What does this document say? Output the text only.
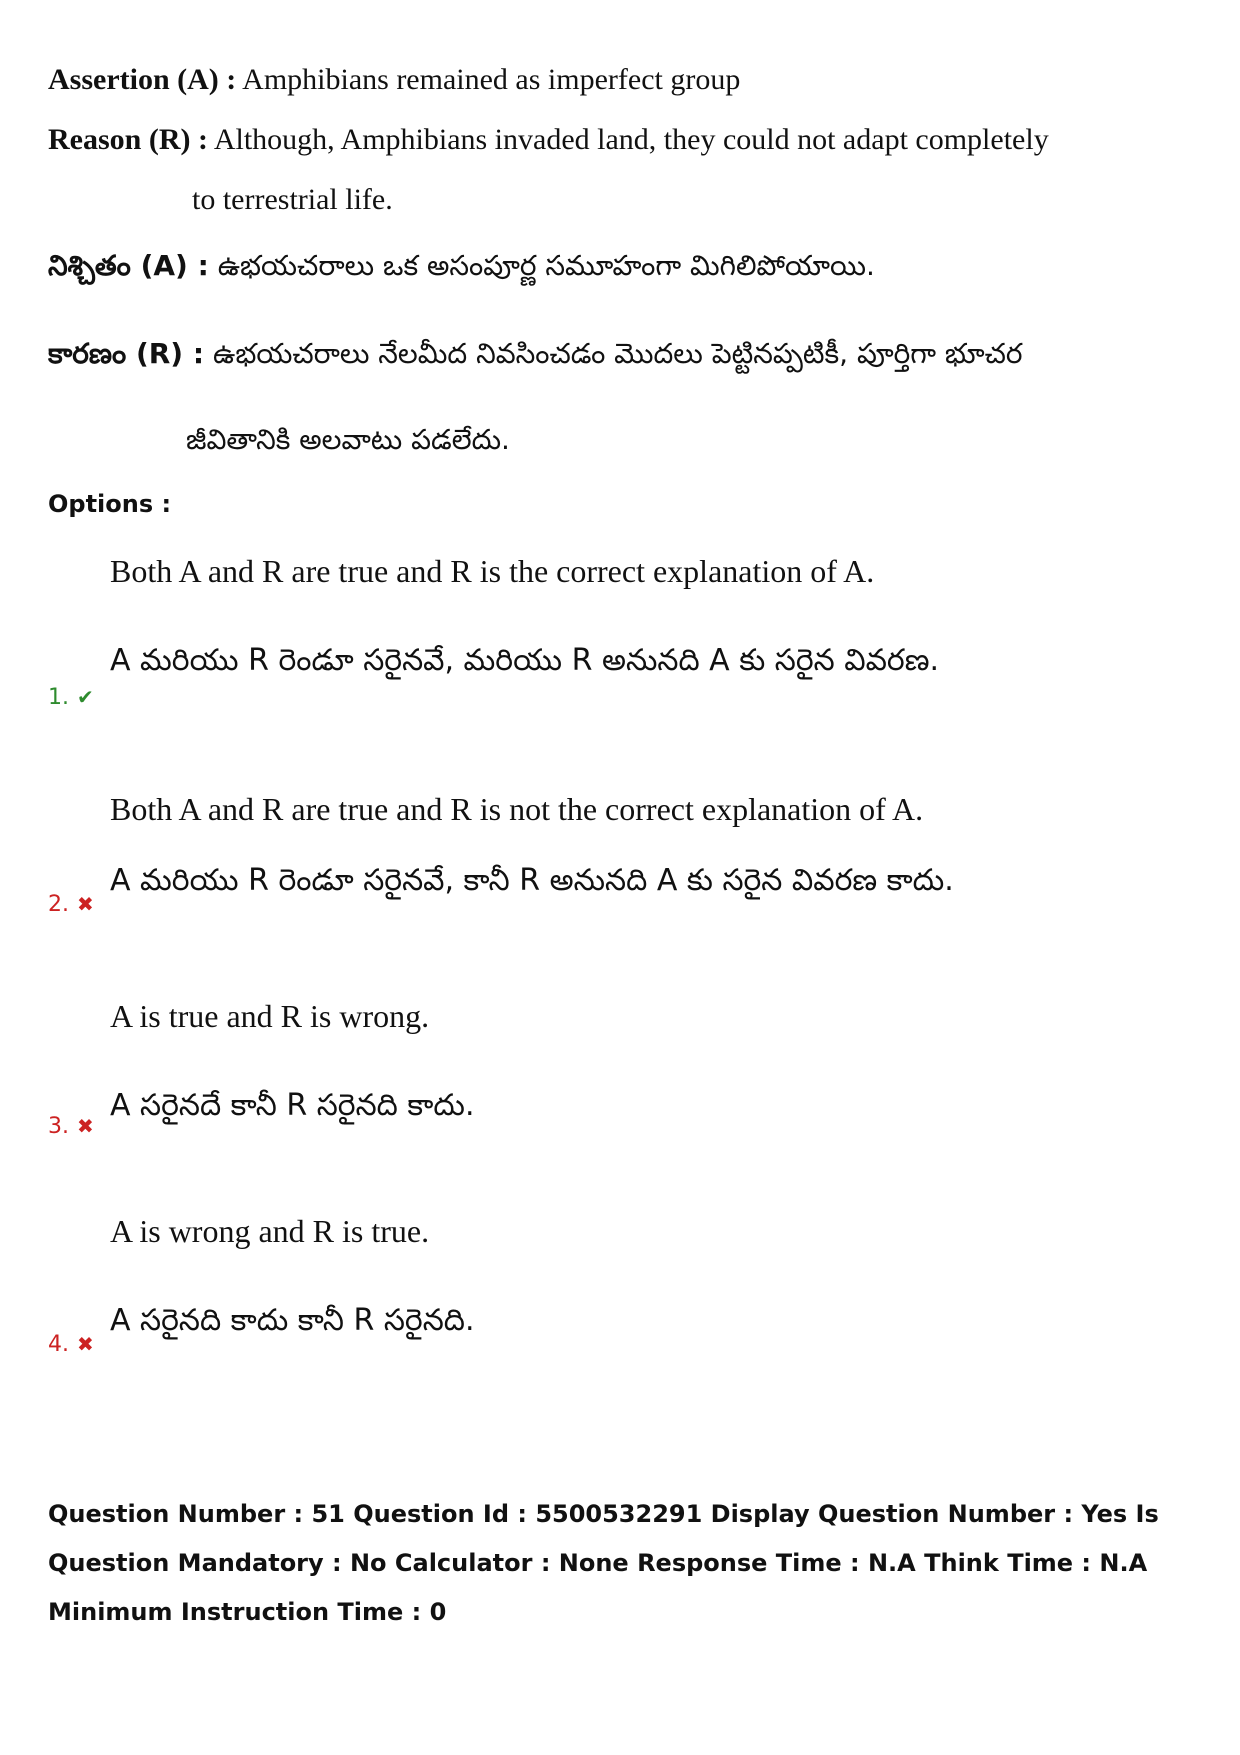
Assertion (A) : Amphibians remained as imperfect group
Reason (R) : Although, Amphibians invaded land, they could not adapt completely
to terrestrial life.
నిశ్చితం (A) : ఉభయచరాలు ఒక అసంపూర్ణ సమూహంగా మిగిలిపోయాయి.
కారణం (R) : ఉభయచరాలు నేలమీద నివసించడం మొదలు పెట్టినప్పటికీ, పూర్తిగా భూచర
జీవితానికి అలవాటు పడలేదు.
Options :
Both A and R are true and R is the correct explanation of A.
A మరియు R రెండూ సరైనవే, మరియు R అనునది A కు సరైన వివరణ.
1. ✔
Both A and R are true and R is not the correct explanation of A.
A మరియు R రెండూ సరైనవే, కానీ R అనునది A కు సరైన వివరణ కాదు.
2. ✖
A is true and R is wrong.
A సరైనదే కానీ R సరైనది కాదు.
3. ✖
A is wrong and R is true.
A సరైనది కాదు కానీ R సరైనది.
4. ✖
Question Number : 51 Question Id : 5500532291 Display Question Number : Yes Is Question Mandatory : No Calculator : None Response Time : N.A Think Time : N.A Minimum Instruction Time : 0
